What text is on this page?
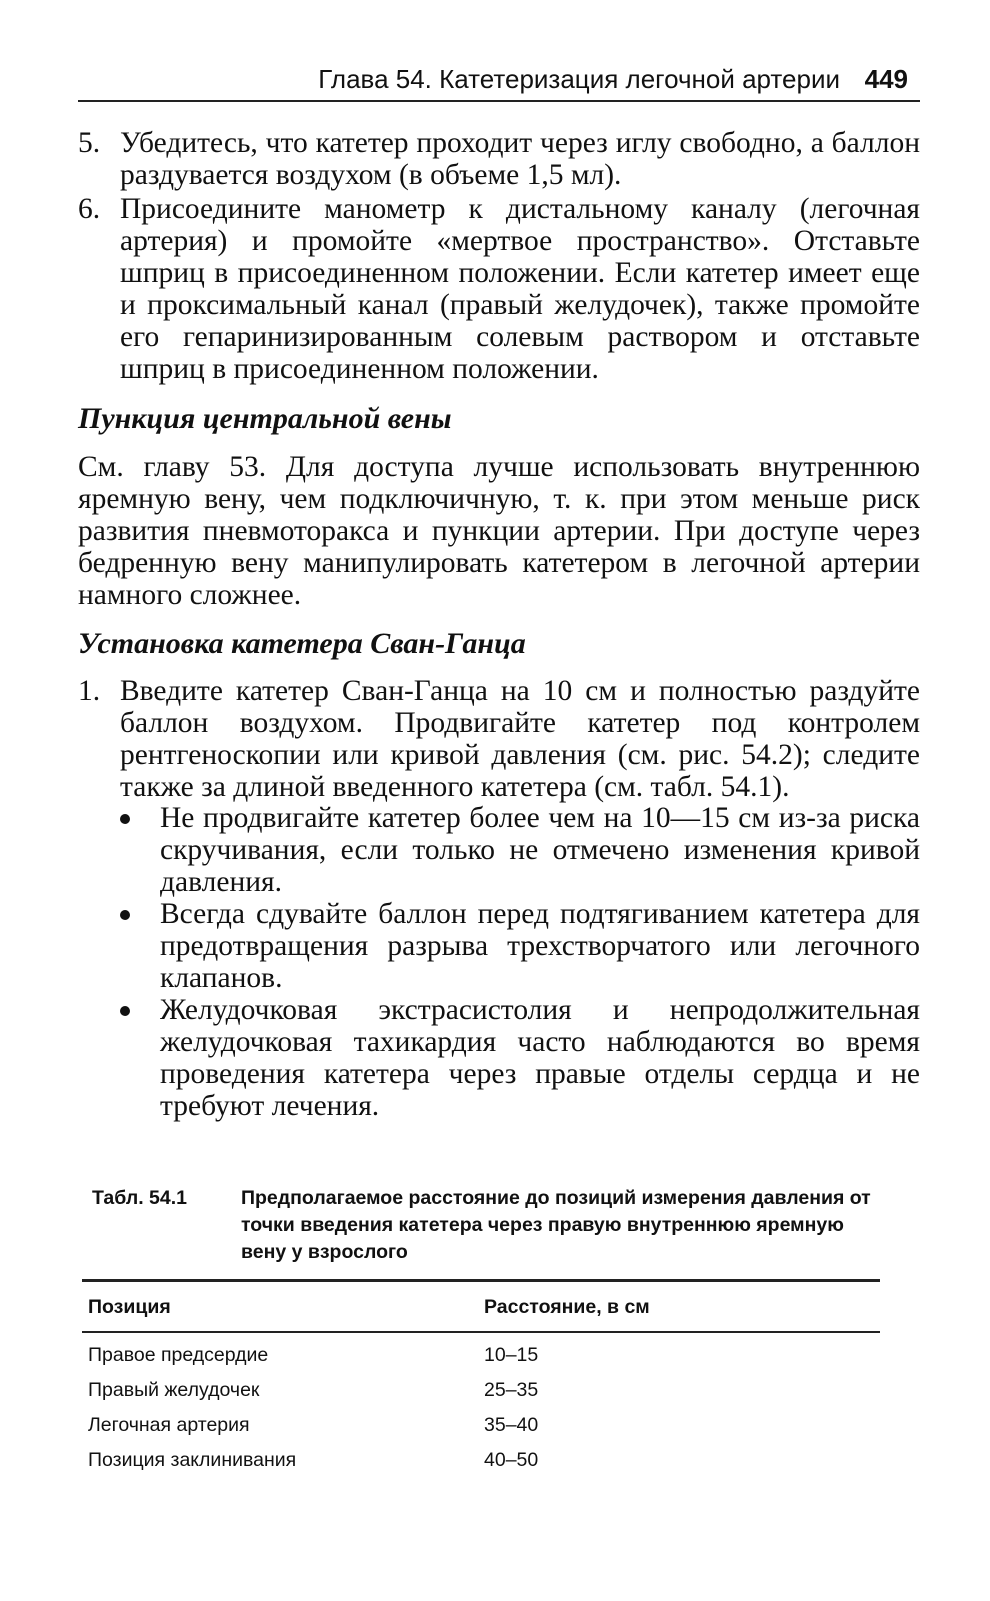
Глава 54. Катетеризация легочной артерии 449
5. Убедитесь, что катетер проходит через иглу свободно, а баллон раздувается воздухом (в объеме 1,5 мл).
6. Присоедините манометр к дистальному каналу (легочная артерия) и промойте «мертвое пространство». Отставьте шприц в присоединенном положении. Если катетер имеет еще и проксимальный канал (правый желудочек), также промойте его гепаринизированным солевым раствором и отставьте шприц в присоединенном положении.
Пункция центральной вены
См. главу 53. Для доступа лучше использовать внутреннюю яремную вену, чем подключичную, т. к. при этом меньше риск развития пневмоторакса и пункции артерии. При доступе через бедренную вену манипулировать катетером в легочной артерии намного сложнее.
Установка катетера Сван-Ганца
1. Введите катетер Сван-Ганца на 10 см и полностью раздуйте баллон воздухом. Продвигайте катетер под контролем рентгеноскопии или кривой давления (см. рис. 54.2); следите также за длиной введенного катетера (см. табл. 54.1).
Не продвигайте катетер более чем на 10—15 см из-за риска скручивания, если только не отмечено изменения кривой давления.
Всегда сдувайте баллон перед подтягиванием катетера для предотвращения разрыва трехстворчатого или легочного клапанов.
Желудочковая экстрасистолия и непродолжительная желудочковая тахикардия часто наблюдаются во время проведения катетера через правые отделы сердца и не требуют лечения.
Табл. 54.1	Предполагаемое расстояние до позиций измерения давления от точки введения катетера через правую внутреннюю яремную вену у взрослого
Позиция	Расстояние, в см
Правое предсердие	10–15
Правый желудочек	25–35
Легочная артерия	35–40
Позиция заклинивания	40–50
